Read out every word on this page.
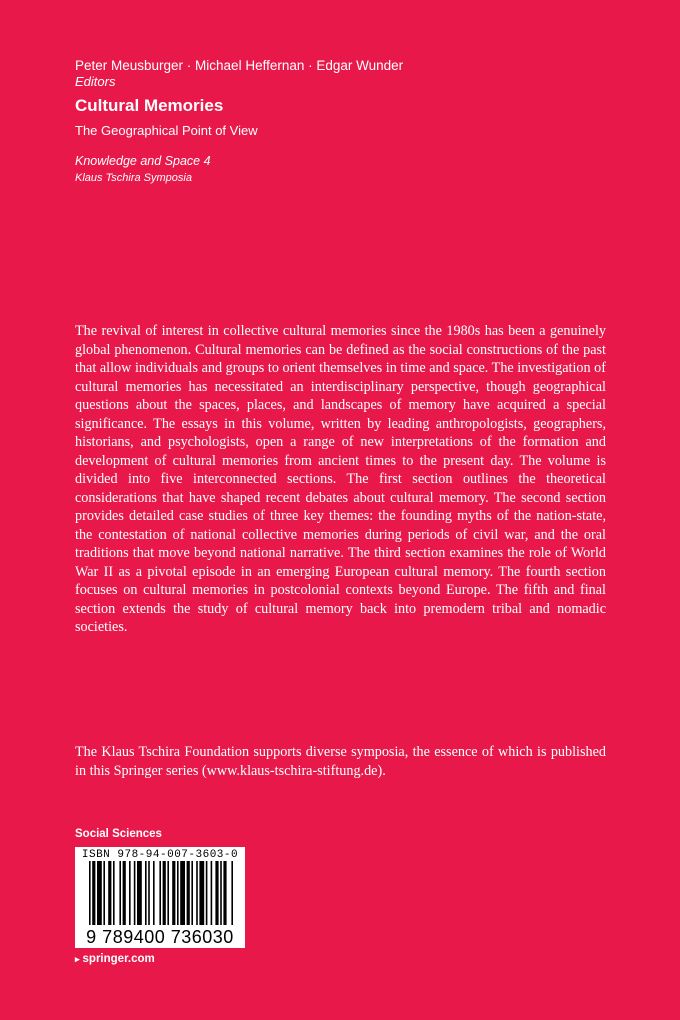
Peter Meusburger · Michael Heffernan · Edgar Wunder
Editors
Cultural Memories
The Geographical Point of View
Knowledge and Space 4
Klaus Tschira Symposia

The revival of interest in collective cultural memories since the 1980s has been a genuinely global phenomenon. Cultural memories can be defined as the social constructions of the past that allow individuals and groups to orient themselves in time and space. The investigation of cultural memories has necessitated an interdisciplinary perspective, though geographical questions about the spaces, places, and landscapes of memory have acquired a special significance. The essays in this volume, written by leading anthropologists, geographers, historians, and psychologists, open a range of new interpretations of the formation and development of cultural memories from ancient times to the present day. The volume is divided into five interconnected sections. The first section outlines the theoretical considerations that have shaped recent debates about cultural memory. The second section provides detailed case studies of three key themes: the founding myths of the nation-state, the contestation of national collective memories during periods of civil war, and the oral traditions that move beyond national narrative. The third section examines the role of World War II as a pivotal episode in an emerging European cultural memory. The fourth section focuses on cultural memories in postcolonial contexts beyond Europe. The fifth and final section extends the study of cultural memory back into premodern tribal and nomadic societies.

The Klaus Tschira Foundation supports diverse symposia, the essence of which is published in this Springer series (www.klaus-tschira-stiftung.de).

Social Sciences
ISBN 978-94-007-3603-0
9 789400 736030
▸ springer.com
